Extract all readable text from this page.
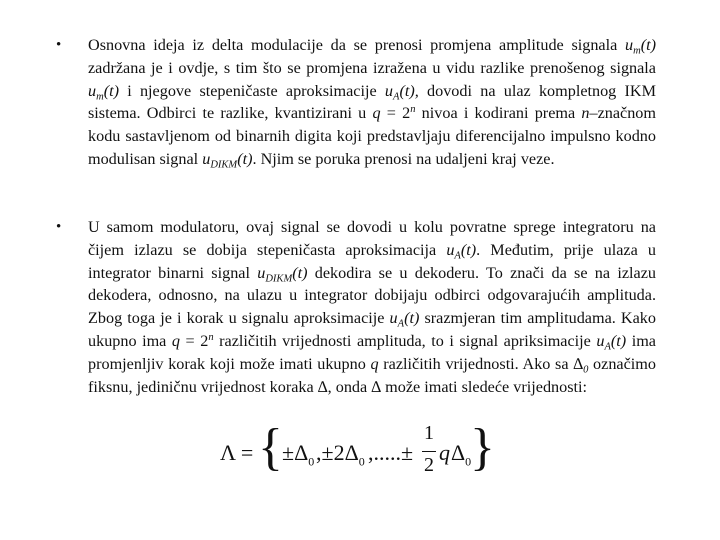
• Osnovna ideja iz delta modulacije da se prenosi promjena amplitude signala $u_m(t)$ zadržana je i ovdje, s tim što se promjena izražena u vidu razlike prenošenog signala $u_m(t)$ i njegove stepeničaste aproksimacije $u_A(t)$, dovodi na ulaz kompletnog IKM sistema. Odbirci te razlike, kvantizirani u $q = 2^n$ nivoa i kodirani prema n–značnom kodu sastavljenom od binarnih digita koji predstavljaju diferencijalno impulsno kodno modulisan signal $u_{DIKM}(t)$. Njim se poruka prenosi na udaljeni kraj veze.
• U samom modulatoru, ovaj signal se dovodi u kolu povratne sprege integratoru na čijem izlazu se dobija stepeničasta aproksimacija $u_A(t)$. Međutim, prije ulaza u integrator binarni signal $u_{DIKM}(t)$ dekodira se u dekoderu. To znači da se na izlazu dekodera, odnosno, na ulazu u integrator dobijaju odbirci odgovarajućih amplituda. Zbog toga je i korak u signalu aproksimacije $u_A(t)$ srazmjeran tim amplitudama. Kako ukupno ima $q = 2^n$ različitih vrijednosti amplituda, to i signal apriksimacije $u_A(t)$ ima promjenljiv korak koji može imati ukupno q različitih vrijednosti. Ako sa $\Delta_0$ označimo fiksnu, jediničnu vrijednost koraka ∆, onda ∆ može imati sledeće vrijednosti:
Λ = { $\pm\Delta_0$ $,\pm 2\Delta_0$ ,.....±
1
2 q $\Delta_0$
}
